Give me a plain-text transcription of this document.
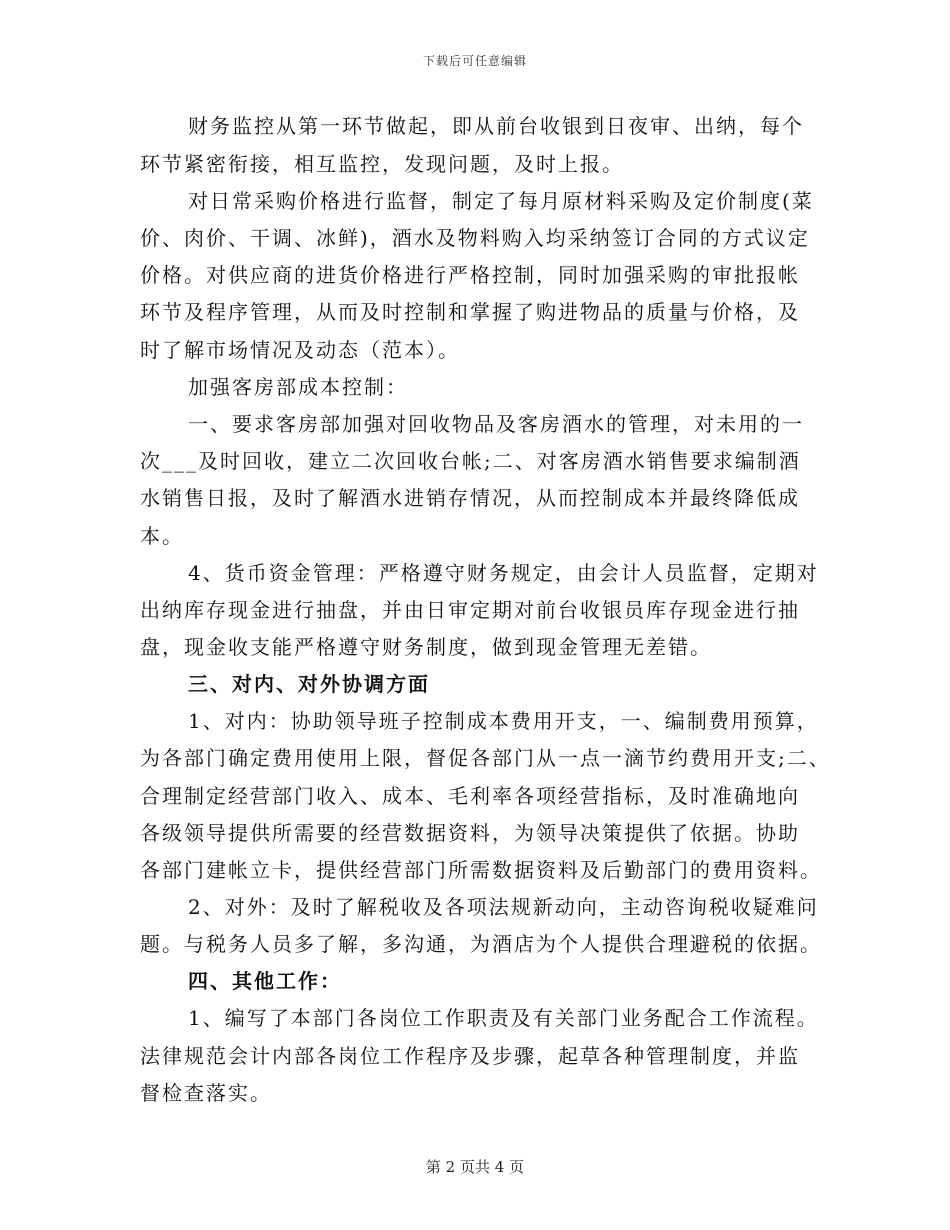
下载后可任意编辑
财务监控从第一环节做起，即从前台收银到日夜审、出纳，每个
环节紧密衔接，相互监控，发现问题，及时上报。
对日常采购价格进行监督，制定了每月原材料采购及定价制度(菜
价、肉价、干调、冰鲜)，酒水及物料购入均采纳签订合同的方式议定
价格。对供应商的进货价格进行严格控制，同时加强采购的审批报帐
环节及程序管理，从而及时控制和掌握了购进物品的质量与价格，及
时了解市场情况及动态（范本）。
加强客房部成本控制：
一、要求客房部加强对回收物品及客房酒水的管理，对未用的一
次___及时回收，建立二次回收台帐;二、对客房酒水销售要求编制酒
水销售日报，及时了解酒水进销存情况，从而控制成本并最终降低成
本。
4、货币资金管理：严格遵守财务规定，由会计人员监督，定期对
出纳库存现金进行抽盘，并由日审定期对前台收银员库存现金进行抽
盘，现金收支能严格遵守财务制度，做到现金管理无差错。
三、对内、对外协调方面
1、对内：协助领导班子控制成本费用开支，一、编制费用预算，
为各部门确定费用使用上限，督促各部门从一点一滴节约费用开支;二、
合理制定经营部门收入、成本、毛利率各项经营指标，及时准确地向
各级领导提供所需要的经营数据资料，为领导决策提供了依据。协助
各部门建帐立卡，提供经营部门所需数据资料及后勤部门的费用资料。
2、对外：及时了解税收及各项法规新动向，主动咨询税收疑难问
题。与税务人员多了解，多沟通，为酒店为个人提供合理避税的依据。
四、其他工作：
1、编写了本部门各岗位工作职责及有关部门业务配合工作流程。
法律规范会计内部各岗位工作程序及步骤，起草各种管理制度，并监
督检查落实。
第 2 页共 4 页
